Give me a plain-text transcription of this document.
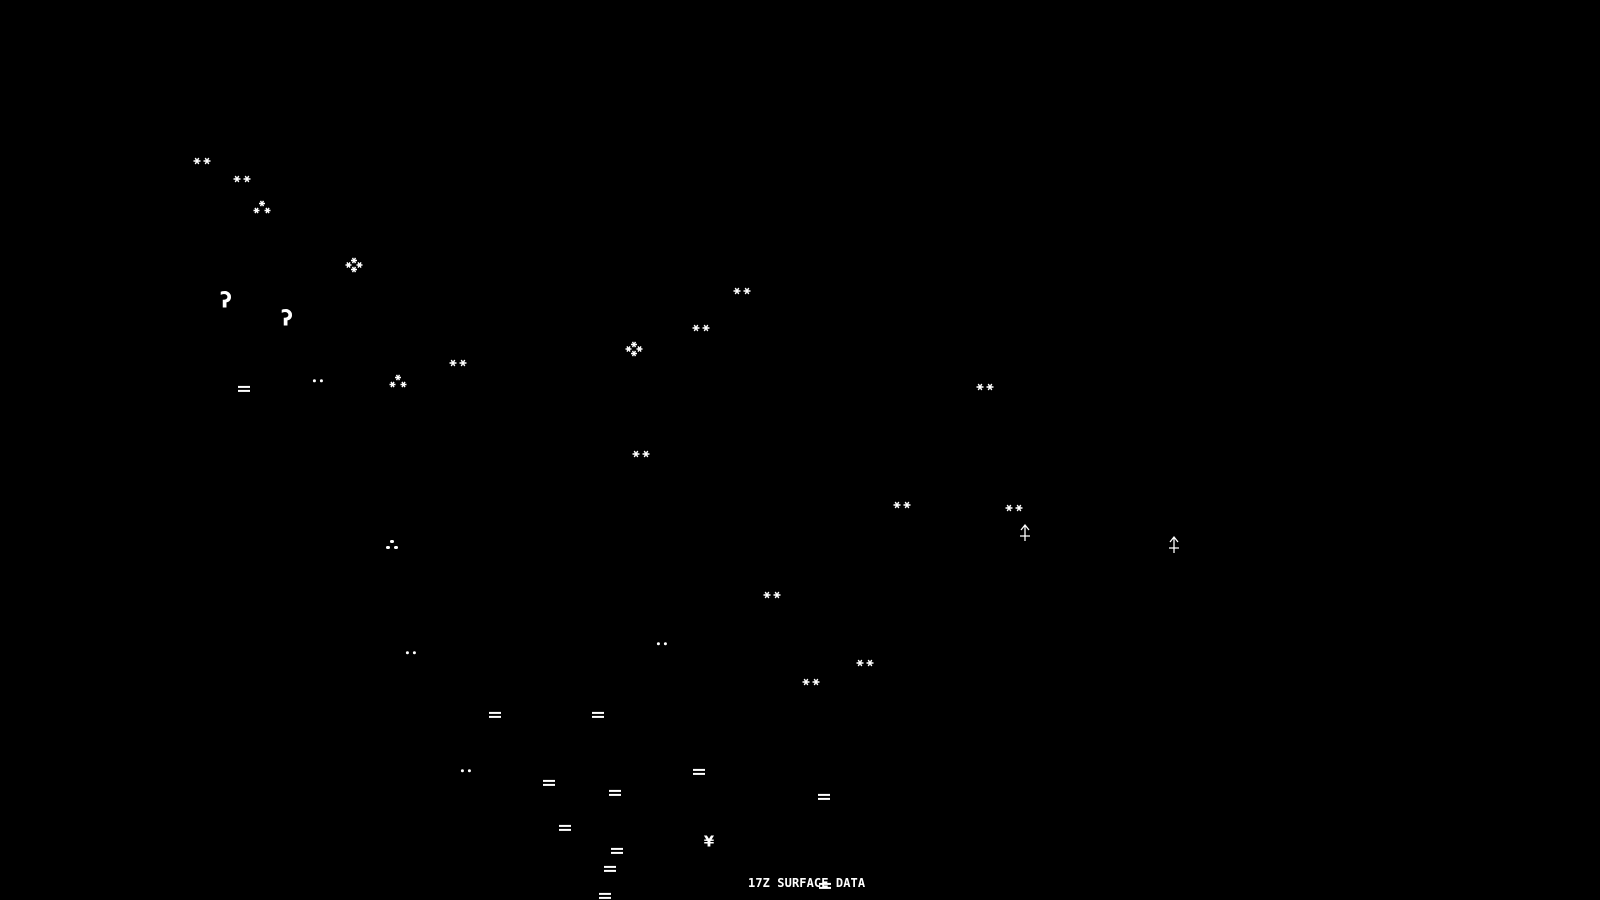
ʔ
ʔ
¥
17Z SURFACE DATA
